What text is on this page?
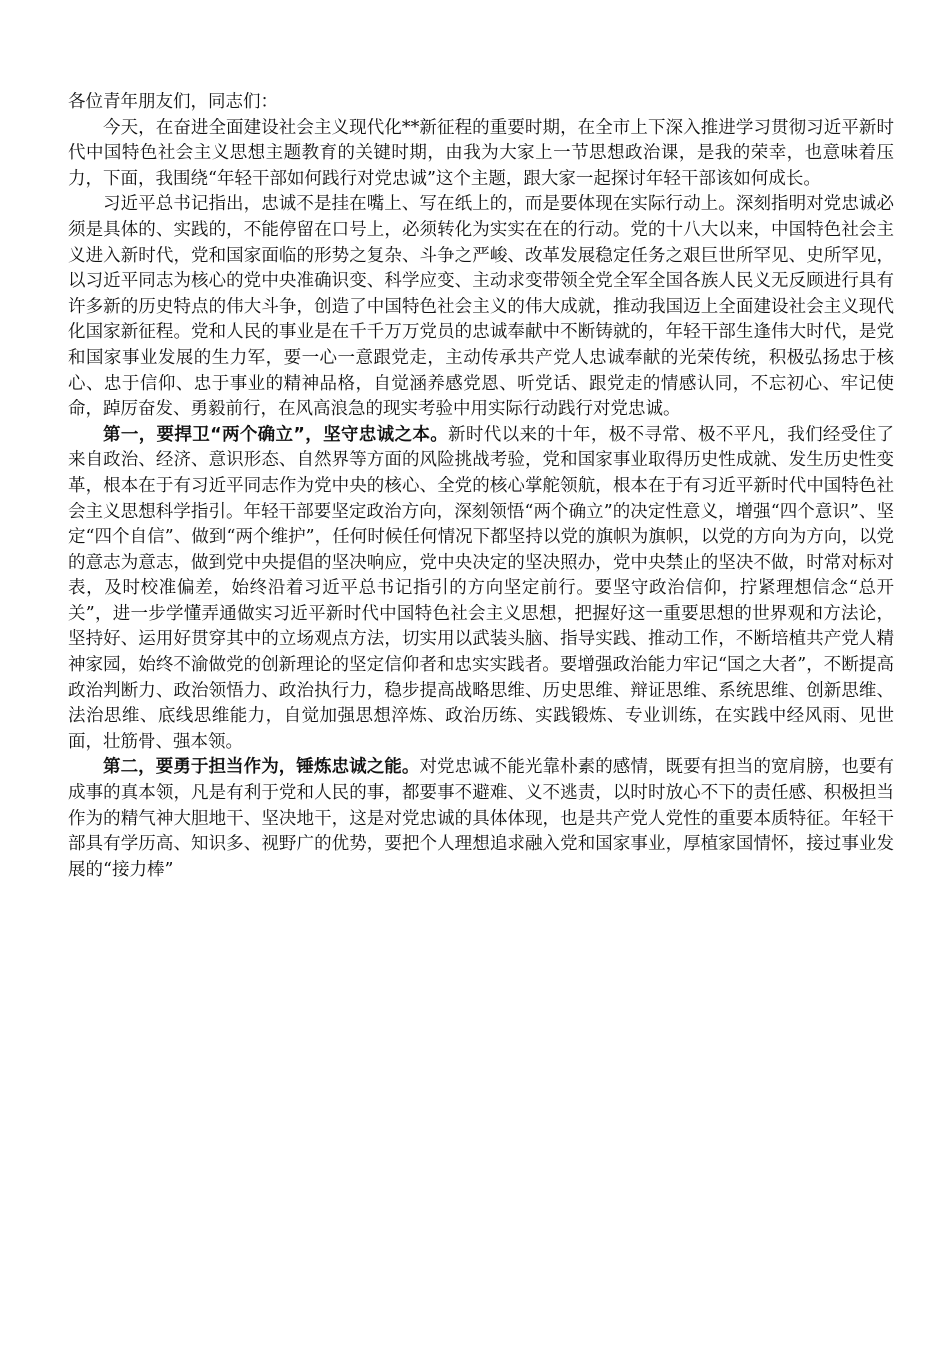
各位青年朋友们，同志们：

今天，在奋进全面建设社会主义现代化**新征程的重要时期，在全市上下深入推进学习贯彻习近平新时代中国特色社会主义思想主题教育的关键时期，由我为大家上一节思想政治课，是我的荣幸，也意味着压力，下面，我围绕“年轻干部如何践行对党忠诚”这个主题，跟大家一起探讨年轻干部该如何成长。

习近平总书记指出，忠诚不是挂在嘴上、写在纸上的，而是要体现在实际行动上。深刻指明对党忠诚必须是具体的、实践的，不能停留在口号上，必须转化为实实在在的行动。党的十八大以来，中国特色社会主义进入新时代，党和国家面临的形势之复杂、斗争之严峻、改革发展稳定任务之艰巨世所罕见、史所罕见，以习近平同志为核心的党中央准确识变、科学应变、主动求变带领全党全军全国各族人民义无反顾进行具有许多新的历史特点的伟大斗争，创造了中国特色社会主义的伟大成就，推动我国迈上全面建设社会主义现代化国家新征程。党和人民的事业是在千千万万党员的忠诚奉献中不断铸就的，年轻干部生逢伟大时代，是党和国家事业发展的生力军，要一心一意跟党走，主动传承共产党人忠诚奉献的光荣传统，积极弘扬忠于核心、忠于信仰、忠于事业的精神品格，自觉涵养感党恩、听党话、跟党走的情感认同，不忘初心、牢记使命，踔厉奋发、勇毅前行，在风高浪急的现实考验中用实际行动践行对党忠诚。

第一，要捍卫“两个确立”，坚守忠诚之本。新时代以来的十年，极不寻常、极不平凡，我们经受住了来自政治、经济、意识形态、自然界等方面的风险挑战考验，党和国家事业取得历史性成就、发生历史性变革，根本在于有习近平同志作为党中央的核心、全党的核心掌舵领航，根本在于有习近平新时代中国特色社会主义思想科学指引。年轻干部要坚定政治方向，深刻领悟“两个确立”的决定性意义，增强“四个意识”、坚定“四个自信”、做到“两个维护”，任何时候任何情况下都坚持以党的旗帜为旗帜，以党的方向为方向，以党的意志为意志，做到党中央提倡的坚决响应，党中央决定的坚决照办，党中央禁止的坚决不做，时常对标对表，及时校准偏差，始终沿着习近平总书记指引的方向坚定前行。要坚守政治信仰，拧紧理想信念“总开关”，进一步学懂弄通做实习近平新时代中国特色社会主义思想，把握好这一重要思想的世界观和方法论，坚持好、运用好贯穿其中的立场观点方法，切实用以武装头脑、指导实践、推动工作，不断培植共产党人精神家园，始终不渝做党的创新理论的坚定信仰者和忠实实践者。要增强政治能力牢记“国之大者”，不断提高政治判断力、政治领悟力、政治执行力，稳步提高战略思维、历史思维、辩证思维、系统思维、创新思维、法治思维、底线思维能力，自觉加强思想淬炼、政治历练、实践锻炼、专业训练，在实践中经风雨、见世面，壮筋骨、强本领。

第二，要勇于担当作为，锤炼忠诚之能。对党忠诚不能光靠朴素的感情，既要有担当的宽肩膀，也要有成事的真本领，凡是有利于党和人民的事，都要事不避难、义不逃责，以时时放心不下的责任感、积极担当作为的精气神大胆地干、坚决地干，这是对党忠诚的具体体现，也是共产党人党性的重要本质特征。年轻干部具有学历高、知识多、视野广的优势，要把个人理想追求融入党和国家事业，厚植家国情怀，接过事业发展的“接力棒”
